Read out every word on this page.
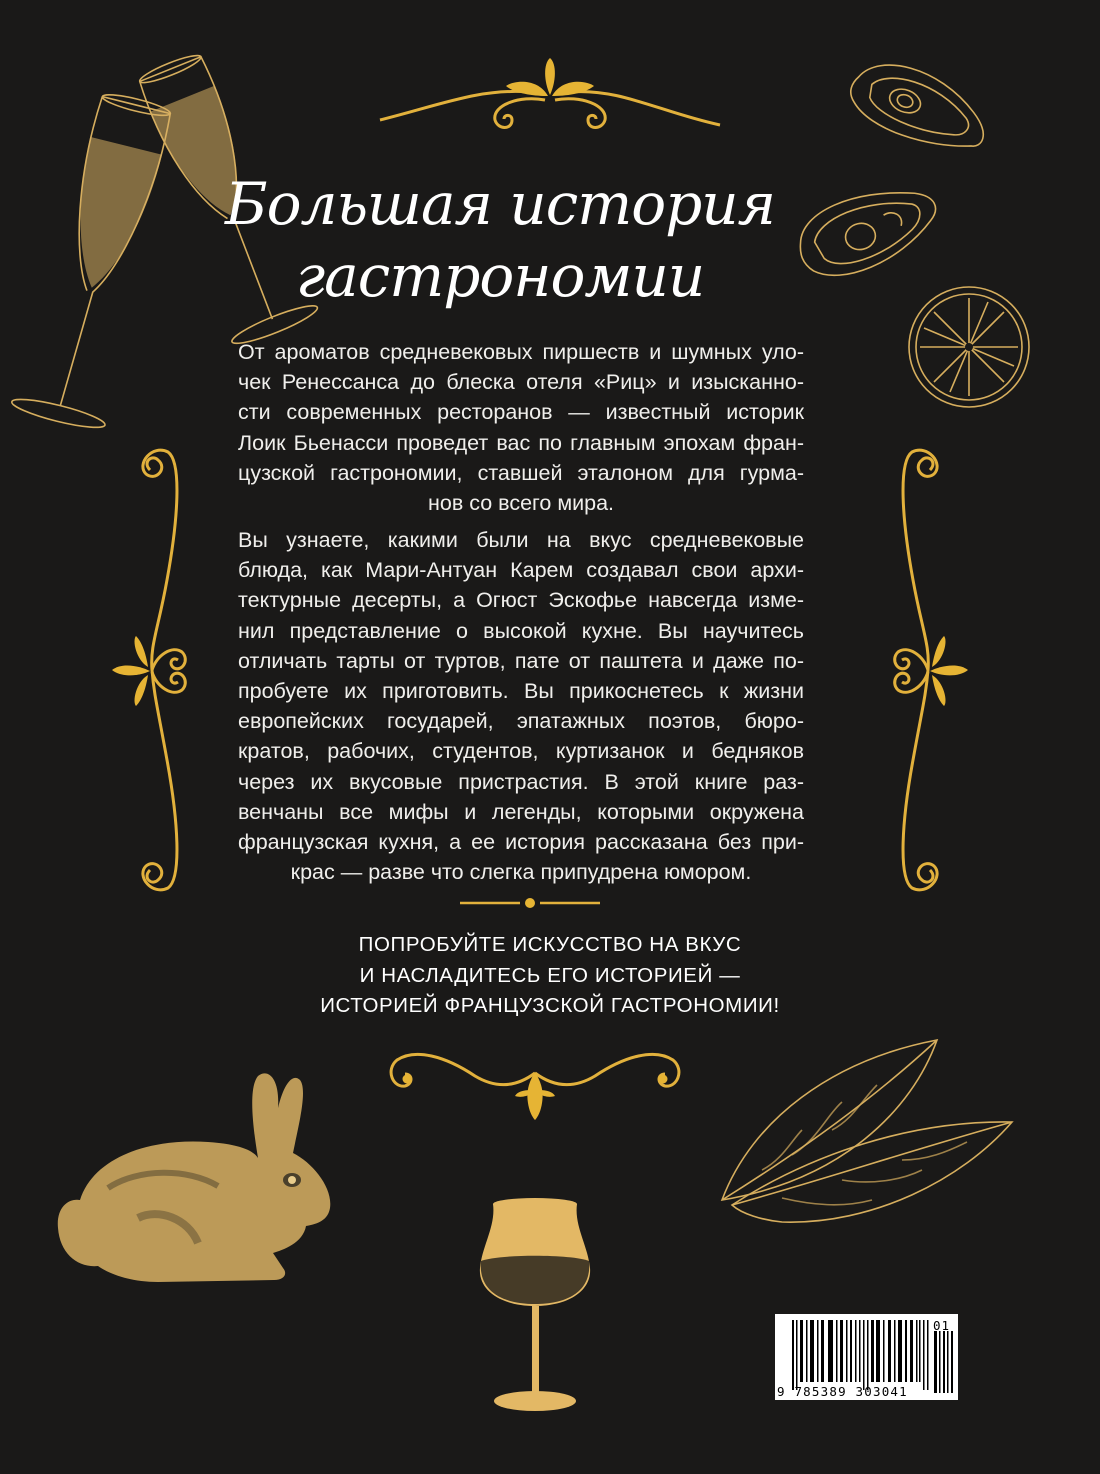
Большая история
гастрономии
От ароматов средневековых пиршеств и шумных уло-
чек Ренессанса до блеска отеля «Риц» и изысканно-
сти современных ресторанов — известный историк
Лоик Бьенасси проведет вас по главным эпохам фран-
цузской гастрономии, ставшей эталоном для гурма-
нов со всего мира.
Вы узнаете, какими были на вкус средневековые
блюда, как Мари-Антуан Карем создавал свои архи-
тектурные десерты, а Огюст Эскофье навсегда изме-
нил представление о высокой кухне. Вы научитесь
отличать тарты от туртов, пате от паштета и даже по-
пробуете их приготовить. Вы прикоснетесь к жизни
европейских государей, эпатажных поэтов, бюро-
кратов, рабочих, студентов, куртизанок и бедняков
через их вкусовые пристрастия. В этой книге раз-
венчаны все мифы и легенды, которыми окружена
французская кухня, а ее история рассказана без при-
крас — разве что слегка припудрена юмором.
ПОПРОБУЙТЕ ИСКУССТВО НА ВКУС
И НАСЛАДИТЕСЬ ЕГО ИСТОРИЕЙ —
ИСТОРИЕЙ ФРАНЦУЗСКОЙ ГАСТРОНОМИИ!
9 785389 303041
01
